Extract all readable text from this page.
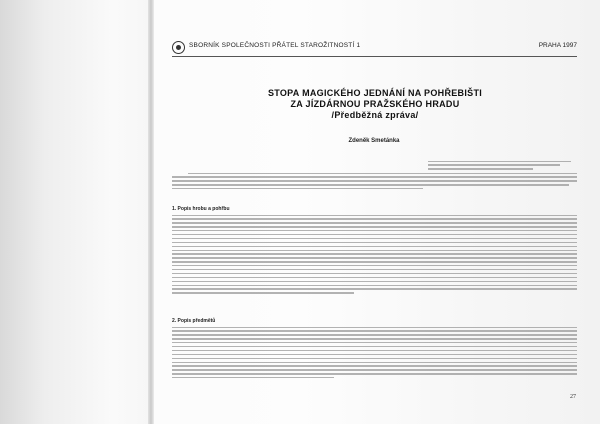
SBORNÍK SPOLEČNOSTI PŘÁTEL STAROŽITNOSTÍ 1	PRAHA 1997
STOPA MAGICKÉHO JEDNÁNÍ NA POHŘEBIŠTI
ZA JÍZDÁRNOU PRAŽSKÉHO HRADU
/Předběžná zpráva/
Zdeněk Smetánka
1. Popis hrobu a pohřbu
2. Popis předmětů
27
